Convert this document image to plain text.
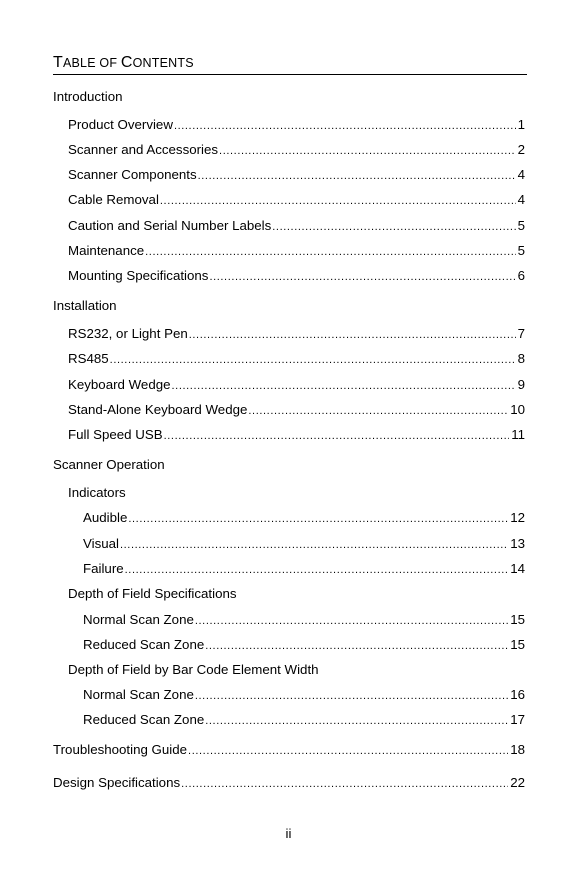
TABLE OF CONTENTS
Introduction
Product Overview .....	1
Scanner and Accessories .....	2
Scanner Components .....	4
Cable Removal .....	4
Caution and Serial Number Labels .....	5
Maintenance .....	5
Mounting Specifications .....	6
Installation
RS232, or Light Pen .....	7
RS485 .....	8
Keyboard Wedge .....	9
Stand-Alone Keyboard Wedge .....	10
Full Speed USB .....	11
Scanner Operation
Indicators
Audible .....	12
Visual .....	13
Failure .....	14
Depth of Field Specifications
Normal Scan Zone .....	15
Reduced Scan Zone .....	15
Depth of Field by Bar Code Element Width
Normal Scan Zone .....	16
Reduced Scan Zone .....	17
Troubleshooting Guide .....	18
Design Specifications .....	22
ii
